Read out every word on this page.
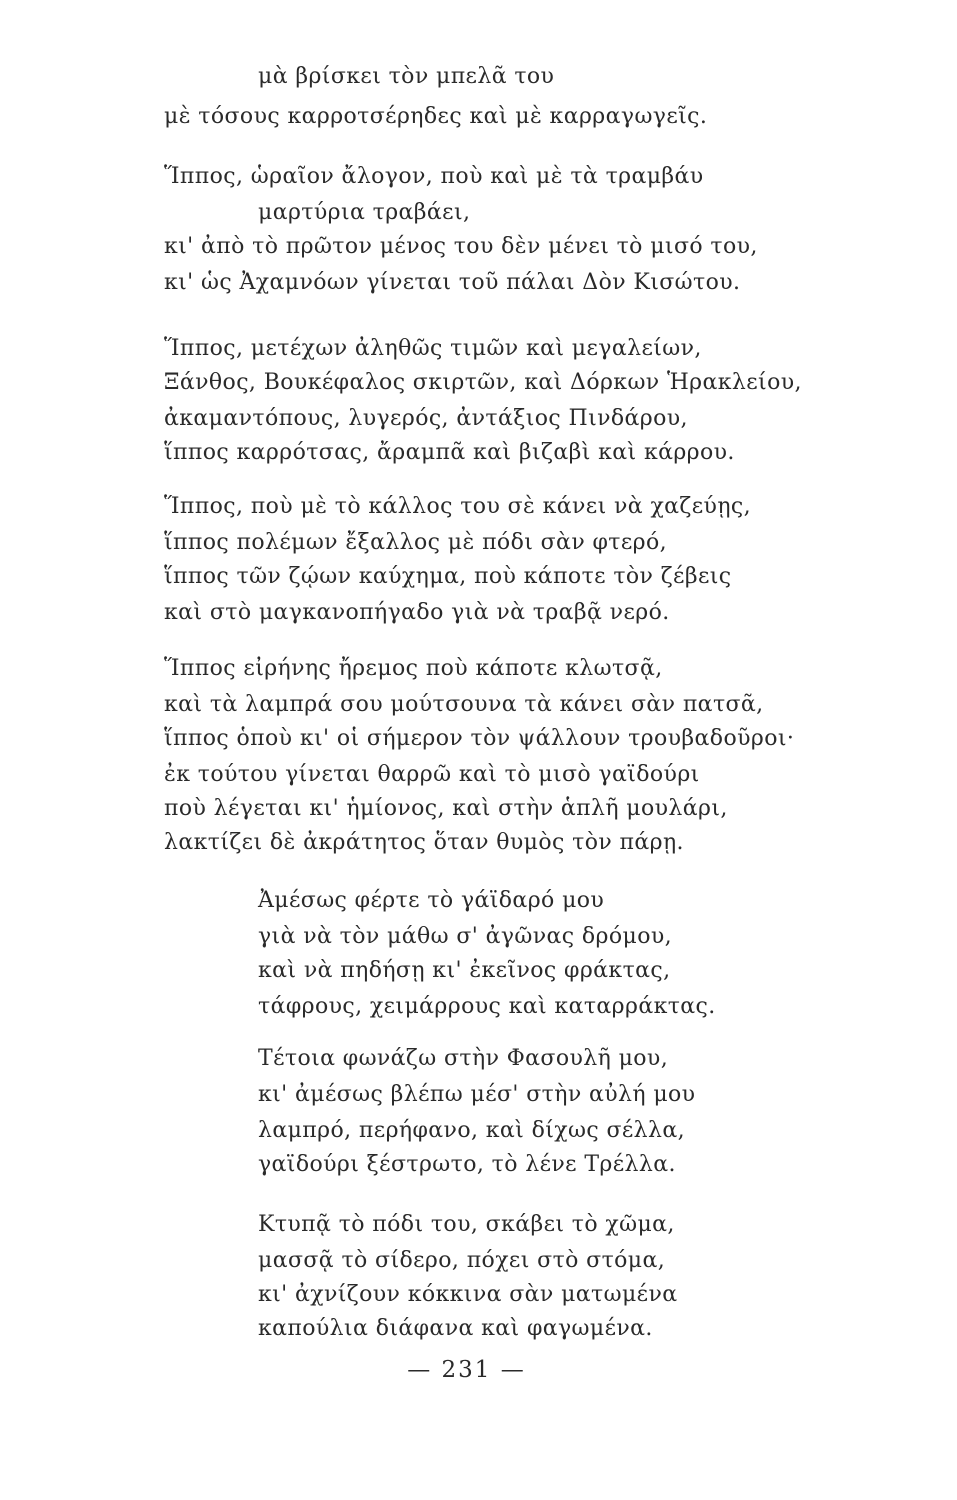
μὰ βρίσκει τὸν μπελᾶ του
μὲ τόσους καρροτσέρηδες καὶ μὲ καρραγωγεῖς.
Ἵππος, ὡραῖον ἄλογον, ποὺ καὶ μὲ τὰ τραμβάυ
μαρτύρια τραβάει,
κι' ἀπὸ τὸ πρῶτον μένος του δὲν μένει τὸ μισό του,
κι' ὡς Ἀχαμνόων γίνεται τοῦ πάλαι Δὸν Κισώτου.
Ἵππος, μετέχων ἀληθῶς τιμῶν καὶ μεγαλείων,
Ξάνθος, Βουκέφαλος σκιρτῶν, καὶ Δόρκων Ἡρακλείου,
ἀκαμαντόπους, λυγερός, ἀντάξιος Πινδάρου,
ἵππος καρρότσας, ἄραμπᾶ καὶ βιζαβὶ καὶ κάρρου.
Ἵππος, ποὺ μὲ τὸ κάλλος του σὲ κάνει νὰ χαζεύῃς,
ἵππος πολέμων ἔξαλλος μὲ πόδι σὰν φτερό,
ἵππος τῶν ζῴων καύχημα, ποὺ κάποτε τὸν ζέβεις
καὶ στὸ μαγκανοπήγαδο γιὰ νὰ τραβᾷ νερό.
Ἵππος εἰρήνης ἤρεμος ποὺ κάποτε κλωτσᾷ,
καὶ τὰ λαμπρά σου μούτσουνα τὰ κάνει σὰν πατσᾶ,
ἵππος ὁποὺ κι' οἱ σήμερον τὸν ψάλλουν τρουβαδοῦροι·
ἐκ τούτου γίνεται θαρρῶ καὶ τὸ μισὸ γαϊδούρι
ποὺ λέγεται κι' ἡμίονος, καὶ στὴν ἁπλῆ μουλάρι,
λακτίζει δὲ ἀκράτητος ὅταν θυμὸς τὸν πάρῃ.
Ἀμέσως φέρτε τὸ γάϊδαρό μου
γιὰ νὰ τὸν μάθω σ' ἀγῶνας δρόμου,
καὶ νὰ πηδήσῃ κι' ἐκεῖνος φράκτας,
τάφρους, χειμάρρους καὶ καταρράκτας.
Τέτοια φωνάζω στὴν Φασουλῆ μου,
κι' ἀμέσως βλέπω μέσ' στὴν αὐλή μου
λαμπρό, περήφανο, καὶ δίχως σέλλα,
γαϊδούρι ξέστρωτο, τὸ λένε Τρέλλα.
Κτυπᾷ τὸ πόδι του, σκάβει τὸ χῶμα,
μασσᾷ τὸ σίδερο, πόχει στὸ στόμα,
κι' ἀχνίζουν κόκκινα σὰν ματωμένα
καπούλια διάφανα καὶ φαγωμένα.
— 231 —
